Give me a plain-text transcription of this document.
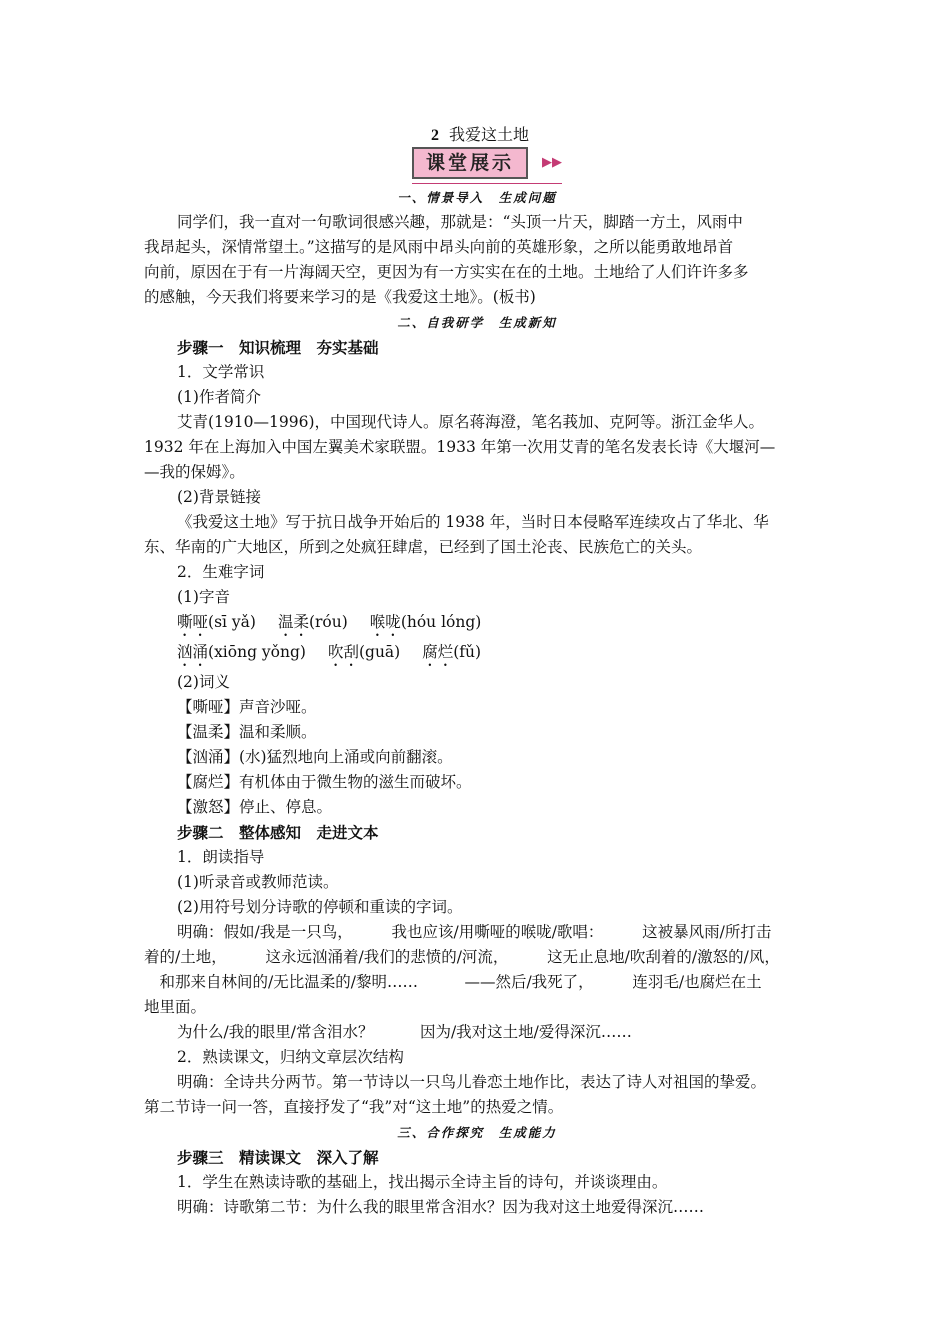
2 我爱这土地
课堂展示	▶▶

一、情景导入　生成问题

同学们，我一直对一句歌词很感兴趣，那就是：“头顶一片天，脚踏一方土，风雨中

我昂起头，深情常望土。”这描写的是风雨中昂头向前的英雄形象，之所以能勇敢地昂首

向前，原因在于有一片海阔天空，更因为有一方实实在在的土地。土地给了人们许许多多

的感触，今天我们将要来学习的是《我爱这土地》。(板书)

二、自我研学　生成新知

步骤一　知识梳理　夯实基础

1．文学常识

(1)作者简介

艾青(1910—1996)，中国现代诗人。原名蒋海澄，笔名莪加、克阿等。浙江金华人。

1932 年在上海加入中国左翼美术家联盟。1933 年第一次用艾青的笔名发表长诗《大堰河—

—我的保姆》。

(2)背景链接

《我爱这土地》写于抗日战争开始后的 1938 年，当时日本侵略军连续攻占了华北、华

东、华南的广大地区，所到之处疯狂肆虐，已经到了国土沦丧、民族危亡的关头。

2．生难字词

(1)字音

嘶哑(sī yǎ) 温柔(róu) 喉咙(hóu lóng)

汹涌(xiōng yǒng) 吹刮(guā) 腐烂(fǔ)

(2)词义

【嘶哑】声音沙哑。

【温柔】温和柔顺。

【汹涌】(水)猛烈地向上涌或向前翻滚。

【腐烂】有机体由于微生物的滋生而破坏。

【激怒】停止、停息。

步骤二　整体感知　走进文本

1．朗读指导

(1)听录音或教师范读。

(2)用符号划分诗歌的停顿和重读的字词。

明确：假如/我是一只鸟，　　　我也应该/用嘶哑的喉咙/歌唱：　　　这被暴风雨/所打击

着的/土地，　　　这永远汹涌着/我们的悲愤的/河流，　　　这无止息地/吹刮着的/激怒的/风，

　和那来自林间的/无比温柔的/黎明……　　　——然后/我死了，　　　连羽毛/也腐烂在土

地里面。

为什么/我的眼里/常含泪水？　　　因为/我对这土地/爱得深沉……

2．熟读课文，归纳文章层次结构

明确：全诗共分两节。第一节诗以一只鸟儿眷恋土地作比，表达了诗人对祖国的挚爱。

第二节诗一问一答，直接抒发了“我”对“这土地”的热爱之情。

三、合作探究　生成能力

步骤三　精读课文　深入了解

1．学生在熟读诗歌的基础上，找出揭示全诗主旨的诗句，并谈谈理由。

明确：诗歌第二节：为什么我的眼里常含泪水？因为我对这土地爱得深沉……
